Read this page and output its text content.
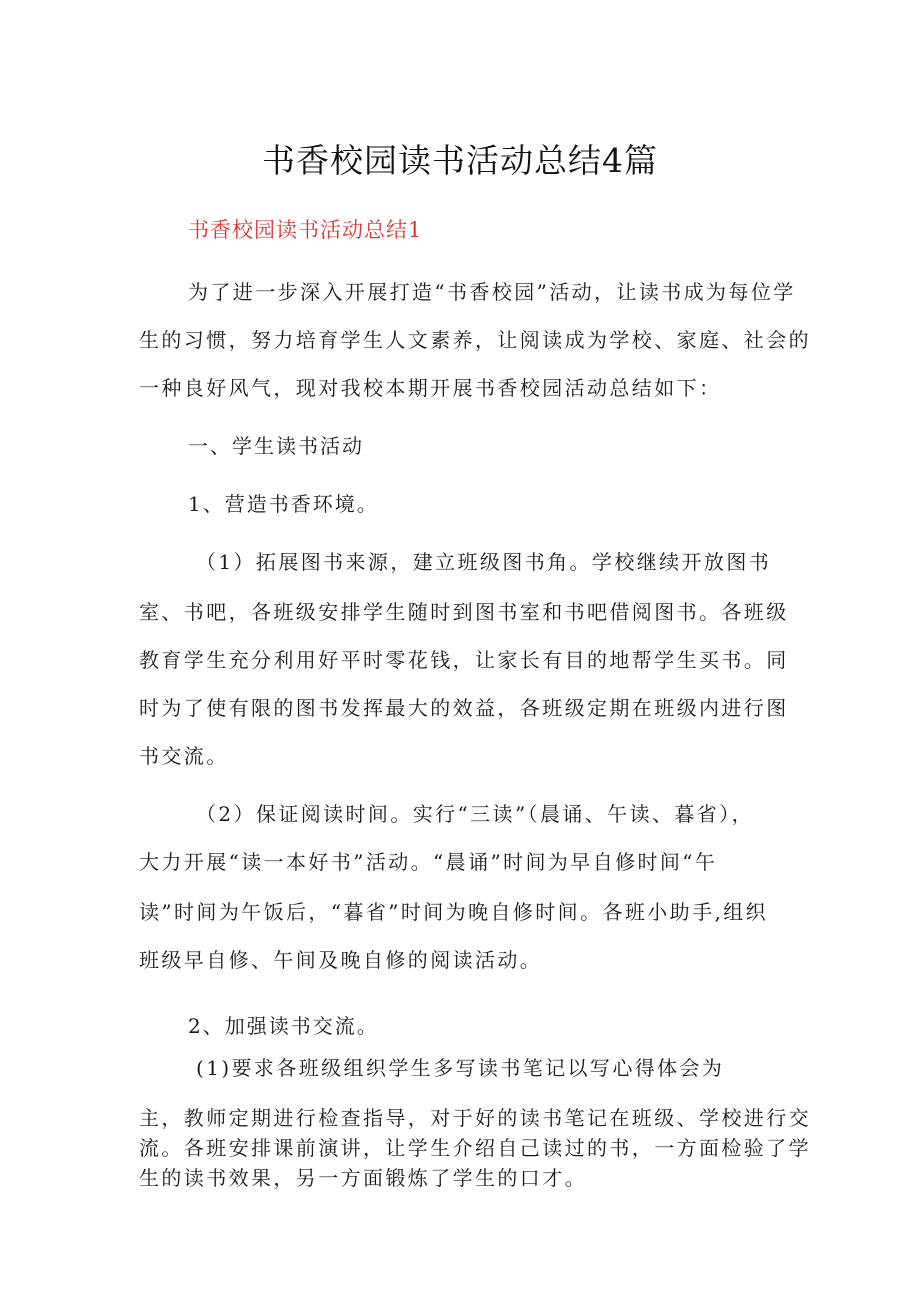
书香校园读书活动总结4篇
书香校园读书活动总结1
为了进一步深入开展打造“书香校园”活动，让读书成为每位学
生的习惯，努力培育学生人文素养，让阅读成为学校、家庭、社会的
一种良好风气，现对我校本期开展书香校园活动总结如下：
一、学生读书活动
1、营造书香环境。
（1）拓展图书来源，建立班级图书角。学校继续开放图书
室、书吧，各班级安排学生随时到图书室和书吧借阅图书。各班级
教育学生充分利用好平时零花钱，让家长有目的地帮学生买书。同
时为了使有限的图书发挥最大的效益，各班级定期在班级内进行图
书交流。
（2）保证阅读时间。实行“三读”（晨诵、午读、暮省），
大力开展“读一本好书”活动。“晨诵”时间为早自修时间“午
读”时间为午饭后，“暮省”时间为晚自修时间。各班小助手,组织
班级早自修、午间及晚自修的阅读活动。
2、加强读书交流。
(1)要求各班级组织学生多写读书笔记以写心得体会为
主，教师定期进行检查指导，对于好的读书笔记在班级、学校进行交
流。各班安排课前演讲，让学生介绍自己读过的书，一方面检验了学
生的读书效果，另一方面锻炼了学生的口才。
